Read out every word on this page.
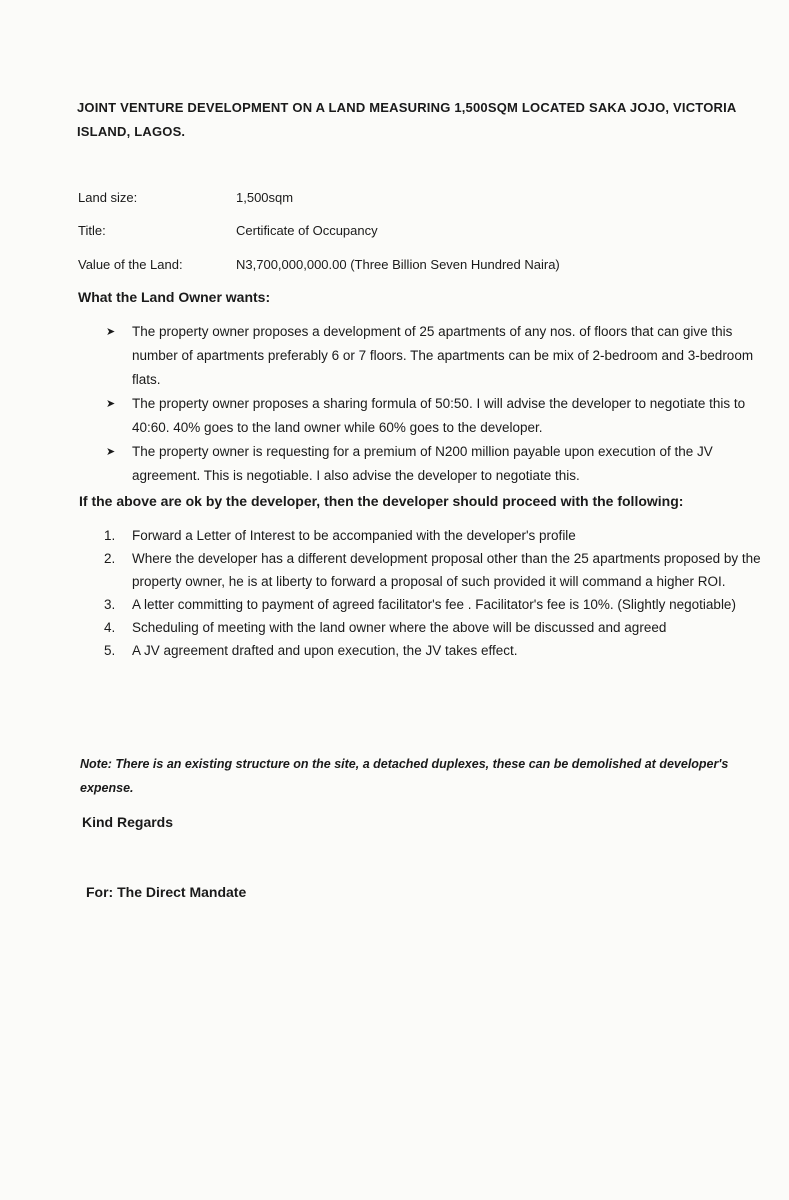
JOINT VENTURE DEVELOPMENT ON A LAND MEASURING 1,500SQM LOCATED SAKA JOJO, VICTORIA ISLAND, LAGOS.
Land size:	1,500sqm
Title:	Certificate of Occupancy
Value of the Land:	N3,700,000,000.00 (Three Billion Seven Hundred Naira)
What the Land Owner wants:
➤ The property owner proposes a development of 25 apartments of any nos. of floors that can give this number of apartments preferably 6 or 7 floors. The apartments can be mix of 2-bedroom and 3-bedroom flats.
➤ The property owner proposes a sharing formula of 50:50. I will advise the developer to negotiate this to 40:60. 40% goes to the land owner while 60% goes to the developer.
➤ The property owner is requesting for a premium of N200 million payable upon execution of the JV agreement. This is negotiable. I also advise the developer to negotiate this.
If the above are ok by the developer, then the developer should proceed with the following:
1. Forward a Letter of Interest to be accompanied with the developer's profile
2. Where the developer has a different development proposal other than the 25 apartments proposed by the property owner, he is at liberty to forward a proposal of such provided it will command a higher ROI.
3. A letter committing to payment of agreed facilitator's fee . Facilitator's fee is 10%. (Slightly negotiable)
4. Scheduling of meeting with the land owner where the above will be discussed and agreed
5. A JV agreement drafted and upon execution, the JV takes effect.
Note: There is an existing structure on the site, a detached duplexes, these can be demolished at developer's expense.
Kind Regards
For: The Direct Mandate
